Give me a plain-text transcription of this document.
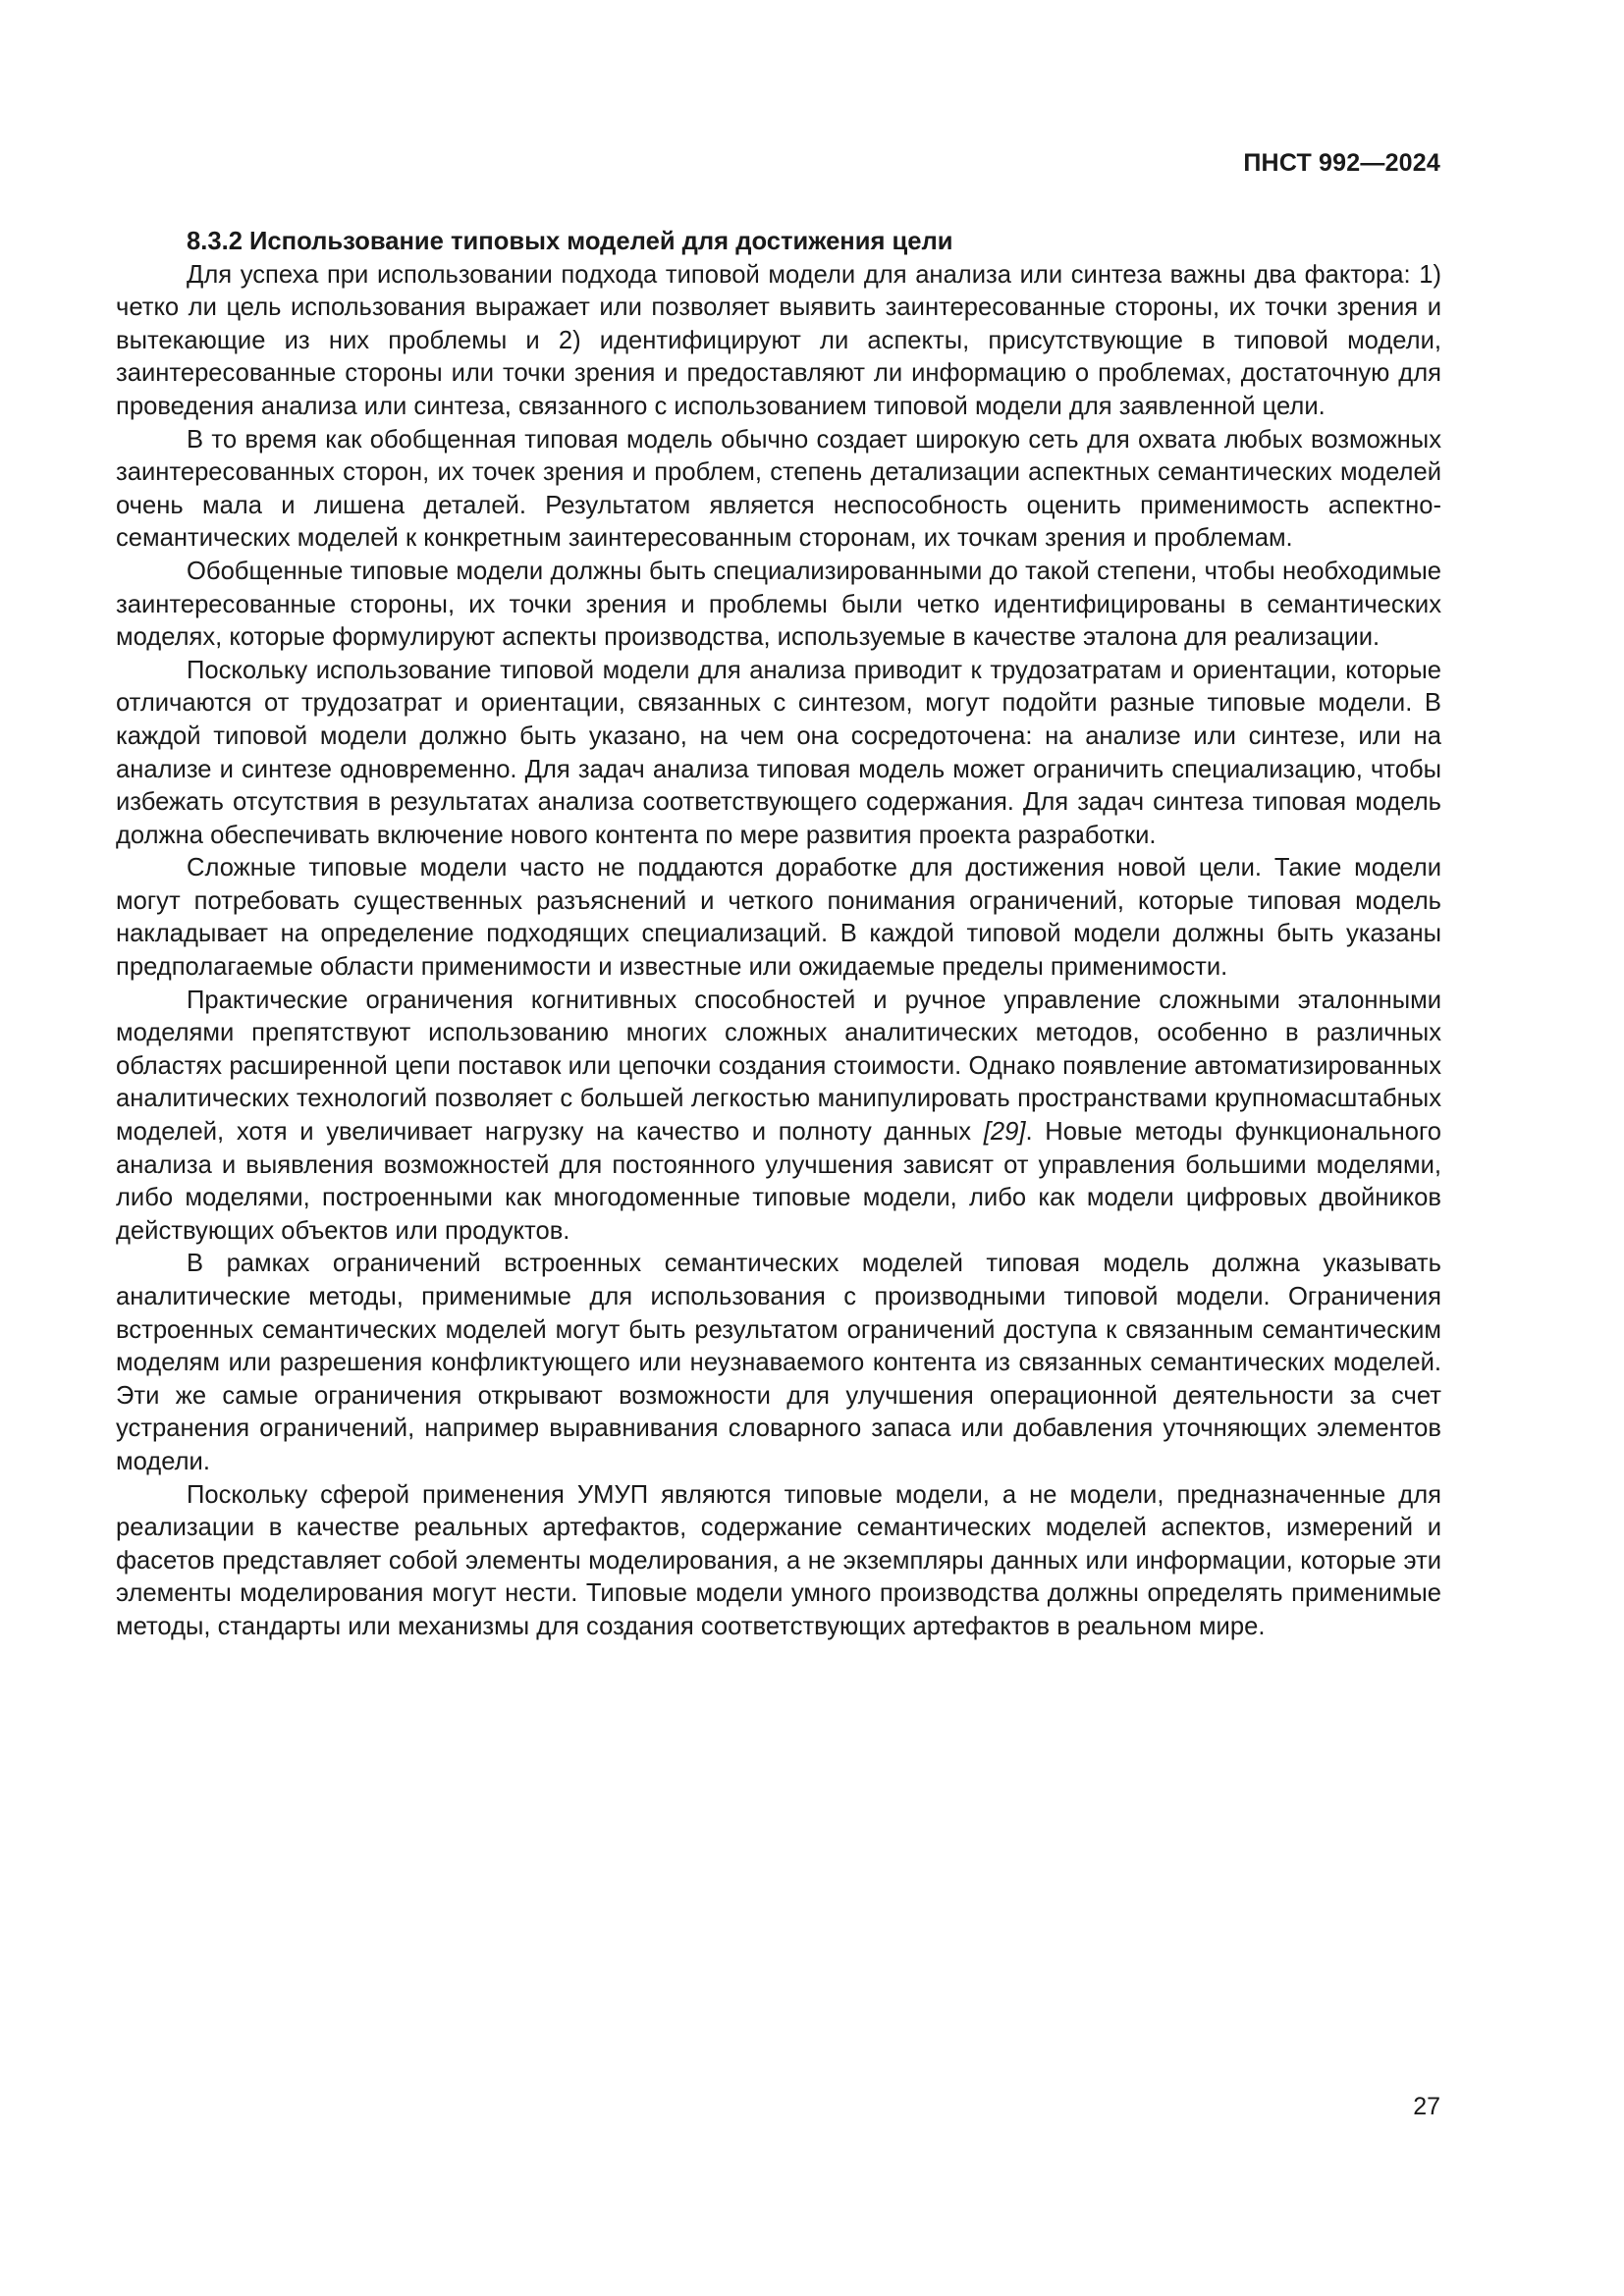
ПНСТ 992—2024

8.3.2 Использование типовых моделей для достижения цели

Для успеха при использовании подхода типовой модели для анализа или синтеза важны два фактора: 1) четко ли цель использования выражает или позволяет выявить заинтересованные стороны, их точки зрения и вытекающие из них проблемы и 2) идентифицируют ли аспекты, присутствующие в типовой модели, заинтересованные стороны или точки зрения и предоставляют ли информацию о проблемах, достаточную для проведения анализа или синтеза, связанного с использованием типовой модели для заявленной цели.

В то время как обобщенная типовая модель обычно создает широкую сеть для охвата любых возможных заинтересованных сторон, их точек зрения и проблем, степень детализации аспектных семантических моделей очень мала и лишена деталей. Результатом является неспособность оценить применимость аспектно-семантических моделей к конкретным заинтересованным сторонам, их точкам зрения и проблемам.

Обобщенные типовые модели должны быть специализированными до такой степени, чтобы необходимые заинтересованные стороны, их точки зрения и проблемы были четко идентифицированы в семантических моделях, которые формулируют аспекты производства, используемые в качестве эталона для реализации.

Поскольку использование типовой модели для анализа приводит к трудозатратам и ориентации, которые отличаются от трудозатрат и ориентации, связанных с синтезом, могут подойти разные типовые модели. В каждой типовой модели должно быть указано, на чем она сосредоточена: на анализе или синтезе, или на анализе и синтезе одновременно. Для задач анализа типовая модель может ограничить специализацию, чтобы избежать отсутствия в результатах анализа соответствующего содержания. Для задач синтеза типовая модель должна обеспечивать включение нового контента по мере развития проекта разработки.

Сложные типовые модели часто не поддаются доработке для достижения новой цели. Такие модели могут потребовать существенных разъяснений и четкого понимания ограничений, которые типовая модель накладывает на определение подходящих специализаций. В каждой типовой модели должны быть указаны предполагаемые области применимости и известные или ожидаемые пределы применимости.

Практические ограничения когнитивных способностей и ручное управление сложными эталонными моделями препятствуют использованию многих сложных аналитических методов, особенно в различных областях расширенной цепи поставок или цепочки создания стоимости. Однако появление автоматизированных аналитических технологий позволяет с большей легкостью манипулировать пространствами крупномасштабных моделей, хотя и увеличивает нагрузку на качество и полноту данных [29]. Новые методы функционального анализа и выявления возможностей для постоянного улучшения зависят от управления большими моделями, либо моделями, построенными как многодоменные типовые модели, либо как модели цифровых двойников действующих объектов или продуктов.

В рамках ограничений встроенных семантических моделей типовая модель должна указывать аналитические методы, применимые для использования с производными типовой модели. Ограничения встроенных семантических моделей могут быть результатом ограничений доступа к связанным семантическим моделям или разрешения конфликтующего или неузнаваемого контента из связанных семантических моделей. Эти же самые ограничения открывают возможности для улучшения операционной деятельности за счет устранения ограничений, например выравнивания словарного запаса или добавления уточняющих элементов модели.

Поскольку сферой применения УМУП являются типовые модели, а не модели, предназначенные для реализации в качестве реальных артефактов, содержание семантических моделей аспектов, измерений и фасетов представляет собой элементы моделирования, а не экземпляры данных или информации, которые эти элементы моделирования могут нести. Типовые модели умного производства должны определять применимые методы, стандарты или механизмы для создания соответствующих артефактов в реальном мире.

27
